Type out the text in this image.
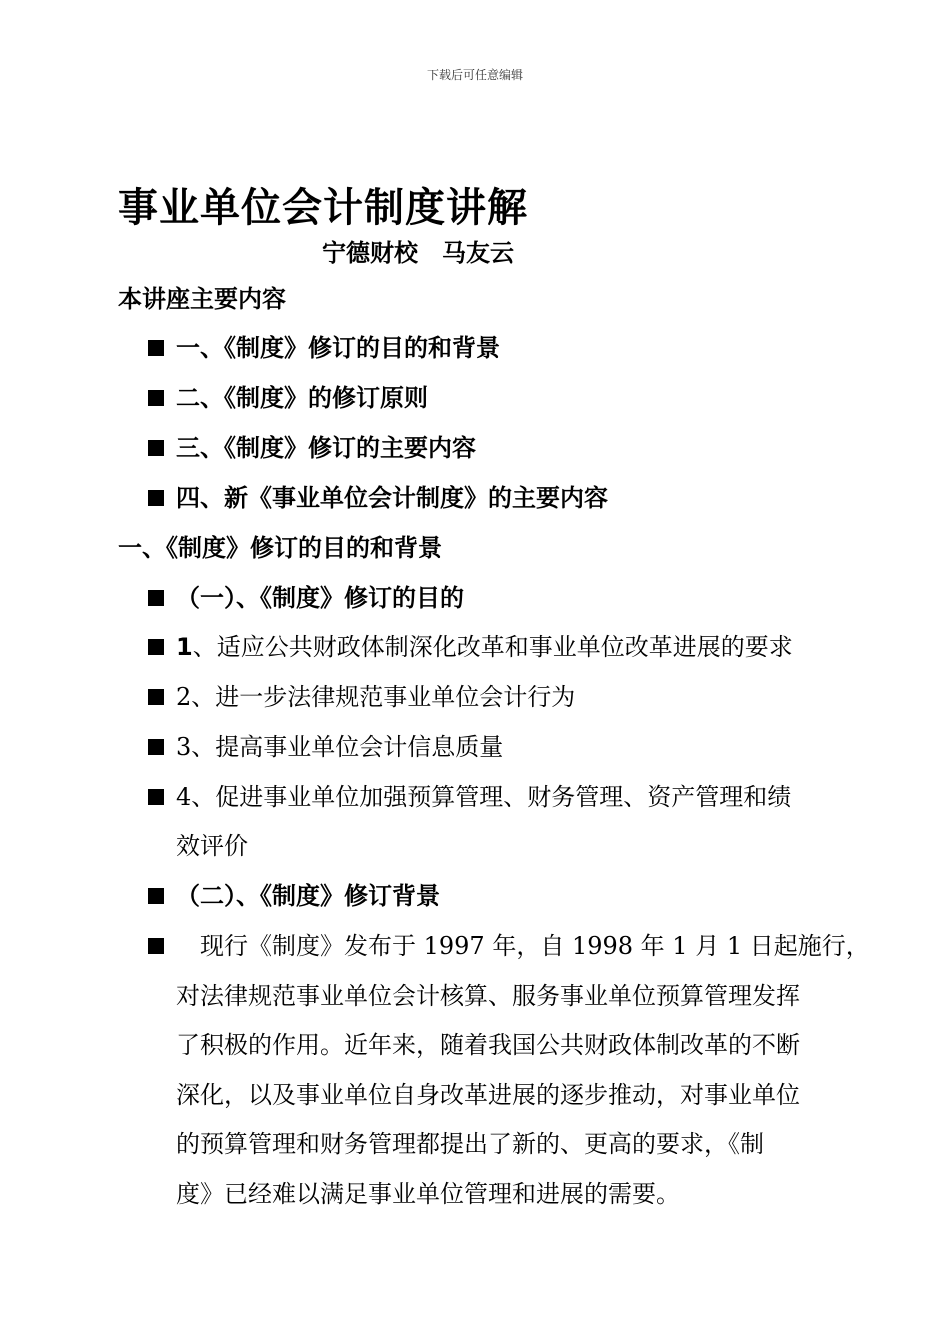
下载后可任意编辑
事业单位会计制度讲解
宁德财校　马友云
本讲座主要内容
一、《制度》修订的目的和背景
二、《制度》的修订原则
三、《制度》修订的主要内容
四、新《事业单位会计制度》的主要内容
一、《制度》修订的目的和背景
（一）、《制度》修订的目的
1、适应公共财政体制深化改革和事业单位改革进展的要求
2、进一步法律规范事业单位会计行为
3、提高事业单位会计信息质量
4、促进事业单位加强预算管理、财务管理、资产管理和绩
效评价
（二）、《制度》修订背景
　现行《制度》发布于 1997 年，自 1998 年 1 月 1 日起施行，
对法律规范事业单位会计核算、服务事业单位预算管理发挥
了积极的作用。近年来，随着我国公共财政体制改革的不断
深化，以及事业单位自身改革进展的逐步推动，对事业单位
的预算管理和财务管理都提出了新的、更高的要求，《制
度》已经难以满足事业单位管理和进展的需要。
